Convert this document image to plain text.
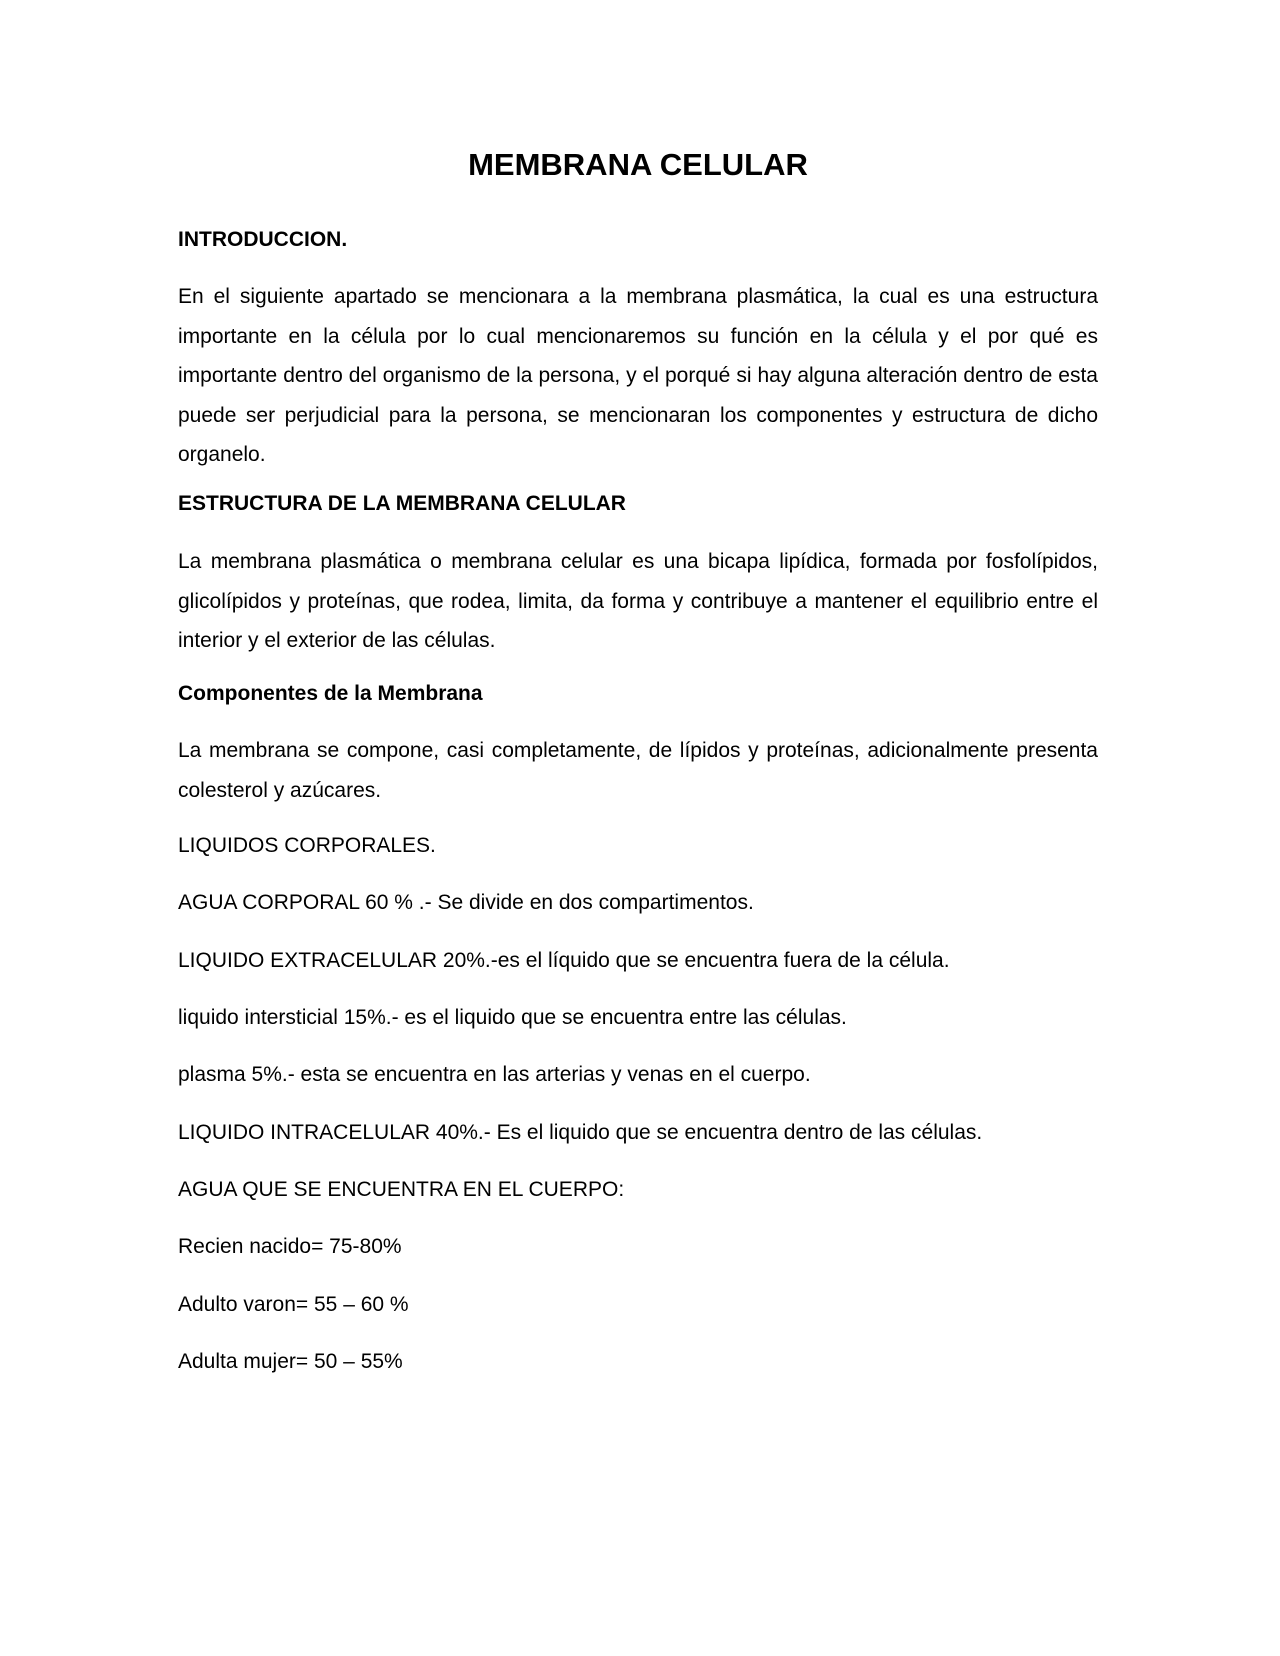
MEMBRANA CELULAR

INTRODUCCION.

En el siguiente apartado se mencionara a la membrana plasmática, la cual es una estructura importante en la célula por lo cual mencionaremos su función en la célula y el por qué es importante dentro del organismo de la persona, y el porqué si hay alguna alteración dentro de esta puede ser perjudicial para la persona, se mencionaran los componentes y estructura de dicho organelo.

ESTRUCTURA DE LA MEMBRANA CELULAR

La membrana plasmática o membrana celular es una bicapa lipídica, formada por fosfolípidos, glicolípidos y proteínas, que rodea, limita, da forma y contribuye a mantener el equilibrio entre el interior y el exterior de las células.

Componentes de la Membrana

La membrana se compone, casi completamente, de lípidos y proteínas, adicionalmente presenta colesterol y azúcares.

LIQUIDOS CORPORALES.

AGUA CORPORAL 60 % .- Se divide en dos compartimentos.

LIQUIDO EXTRACELULAR 20%.-es el líquido que se encuentra fuera de la célula.

liquido intersticial 15%.- es el liquido que se encuentra entre las células.

plasma 5%.- esta se encuentra en las arterias y venas en el cuerpo.

LIQUIDO INTRACELULAR 40%.- Es el liquido que se encuentra dentro de las células.

AGUA QUE SE ENCUENTRA EN EL CUERPO:

Recien nacido= 75-80%

Adulto varon= 55 – 60 %

Adulta mujer= 50 – 55%
